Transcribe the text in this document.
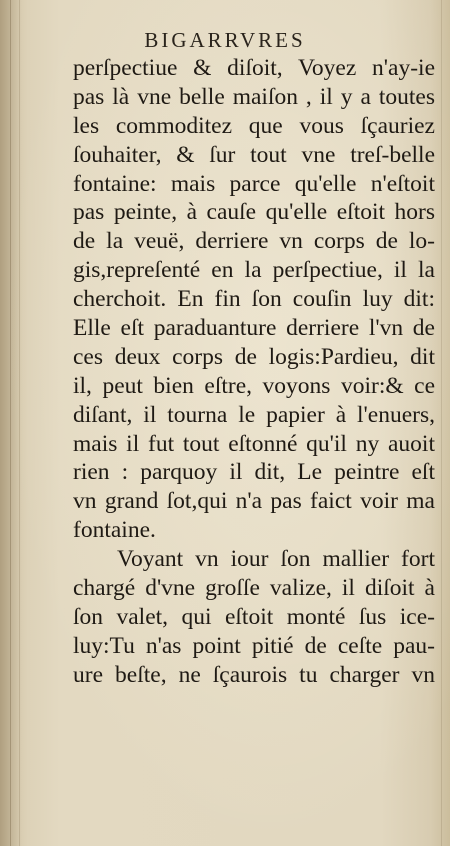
BIGARRVRES
perſpectiue & diſoit, Voyez n'ay-ie
pas là vne belle maiſon , il y a toutes
les commoditez que vous ſçauriez
ſouhaiter, & ſur tout vne treſ-belle
fontaine: mais parce qu'elle n'eſtoit
pas peinte, à cauſe qu'elle eſtoit hors
de la veuë, derriere vn corps de lo-
gis,repreſenté en la perſpectiue, il la
cherchoit. En fin ſon couſin luy dit:
Elle eſt paraduanture derriere l'vn de
ces deux corps de logis:Pardieu, dit
il, peut bien eſtre, voyons voir:& ce
diſant, il tourna le papier à l'enuers,
mais il fut tout eſtonné qu'il ny auoit
rien : parquoy il dit, Le peintre eſt
vn grand ſot,qui n'a pas faict voir ma
fontaine.
Voyant vn iour ſon mallier fort
chargé d'vne groſſe valize, il diſoit à
ſon valet, qui eſtoit monté ſus ice-
luy:Tu n'as point pitié de ceſte pau-
ure beſte, ne ſçaurois tu charger vn
